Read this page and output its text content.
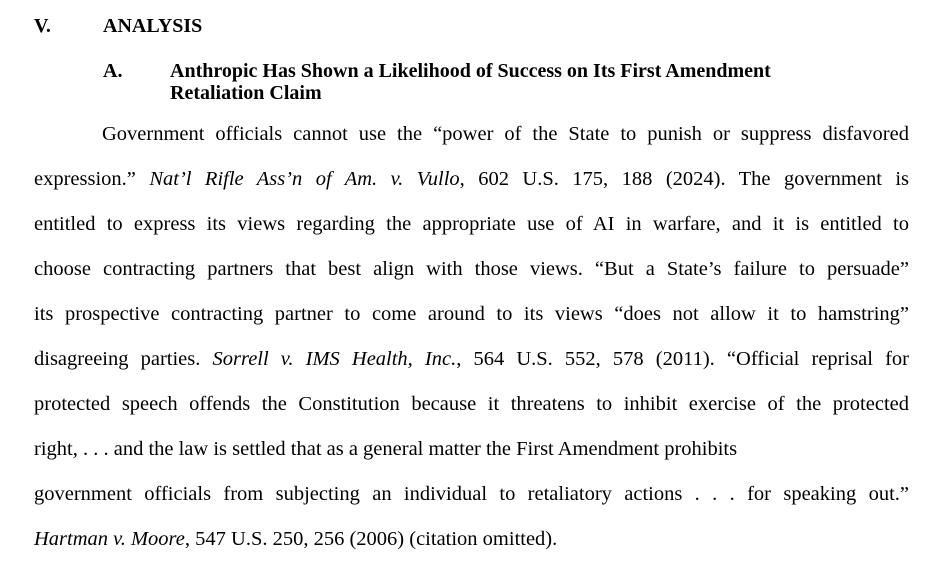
V.	ANALYSIS
A. Anthropic Has Shown a Likelihood of Success on Its First Amendment
Retaliation Claim
Government officials cannot use the “power of the State to punish or suppress disfavored
expression.” Nat’l Rifle Ass’n of Am. v. Vullo, 602 U.S. 175, 188 (2024). The government is
entitled to express its views regarding the appropriate use of AI in warfare, and it is entitled to
choose contracting partners that best align with those views. “But a State’s failure to persuade”
its prospective contracting partner to come around to its views “does not allow it to hamstring”
disagreeing parties. Sorrell v. IMS Health, Inc., 564 U.S. 552, 578 (2011). “Official reprisal for
protected speech offends the Constitution because it threatens to inhibit exercise of the protected
right, . . . and the law is settled that as a general matter the First Amendment prohibits
government officials from subjecting an individual to retaliatory actions . . . for speaking out.”
Hartman v. Moore, 547 U.S. 250, 256 (2006) (citation omitted).
